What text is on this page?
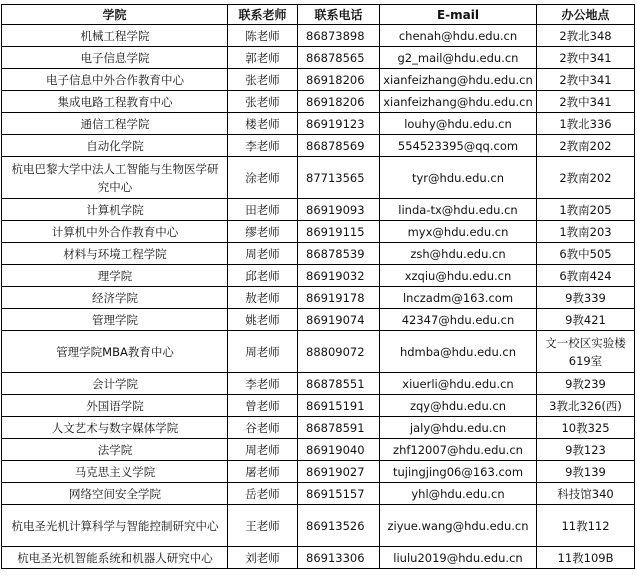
学院	联系老师	联系电话	E-mail	办公地点
机械工程学院	陈老师	86873898	chenah@hdu.edu.cn	2教北348
电子信息学院	郭老师	86878565	g2_mail@hdu.edu.cn	2教中341
电子信息中外合作教育中心	张老师	86918206	xianfeizhang@hdu.edu.cn	2教中341
集成电路工程教育中心	张老师	86918206	xianfeizhang@hdu.edu.cn	2教中341
通信工程学院	楼老师	86919123	louhy@hdu.edu.cn	1教北336
自动化学院	李老师	86878569	554523395@qq.com	2教南202
杭电巴黎大学中法人工智能与生物医学研究中心	涂老师	87713565	tyr@hdu.edu.cn	2教南202
计算机学院	田老师	86919093	linda-tx@hdu.edu.cn	1教南205
计算机中外合作教育中心	缪老师	86919115	myx@hdu.edu.cn	1教南203
材料与环境工程学院	周老师	86878539	zsh@hdu.edu.cn	6教中505
理学院	邱老师	86919032	xzqiu@hdu.edu.cn	6教南424
经济学院	敖老师	86919178	lnczadm@163.com	9教339
管理学院	姚老师	86919074	42347@hdu.edu.cn	9教421
管理学院MBA教育中心	周老师	88809072	hdmba@hdu.edu.cn	文一校区实验楼619室
会计学院	李老师	86878551	xiuerli@hdu.edu.cn	9教239
外国语学院	曾老师	86915191	zqy@hdu.edu.cn	3教北326(西)
人文艺术与数字媒体学院	谷老师	86878591	jaly@hdu.edu.cn	10教325
法学院	周老师	86919040	zhf12007@hdu.edu.cn	9教123
马克思主义学院	屠老师	86919027	tujingjing06@163.com	9教139
网络空间安全学院	岳老师	86915157	yhl@hdu.edu.cn	科技馆340
杭电圣光机计算科学与智能控制研究中心	王老师	86913526	ziyue.wang@hdu.edu.cn	11教112
杭电圣光机智能系统和机器人研究中心	刘老师	86913306	liulu2019@hdu.edu.cn	11教109B
